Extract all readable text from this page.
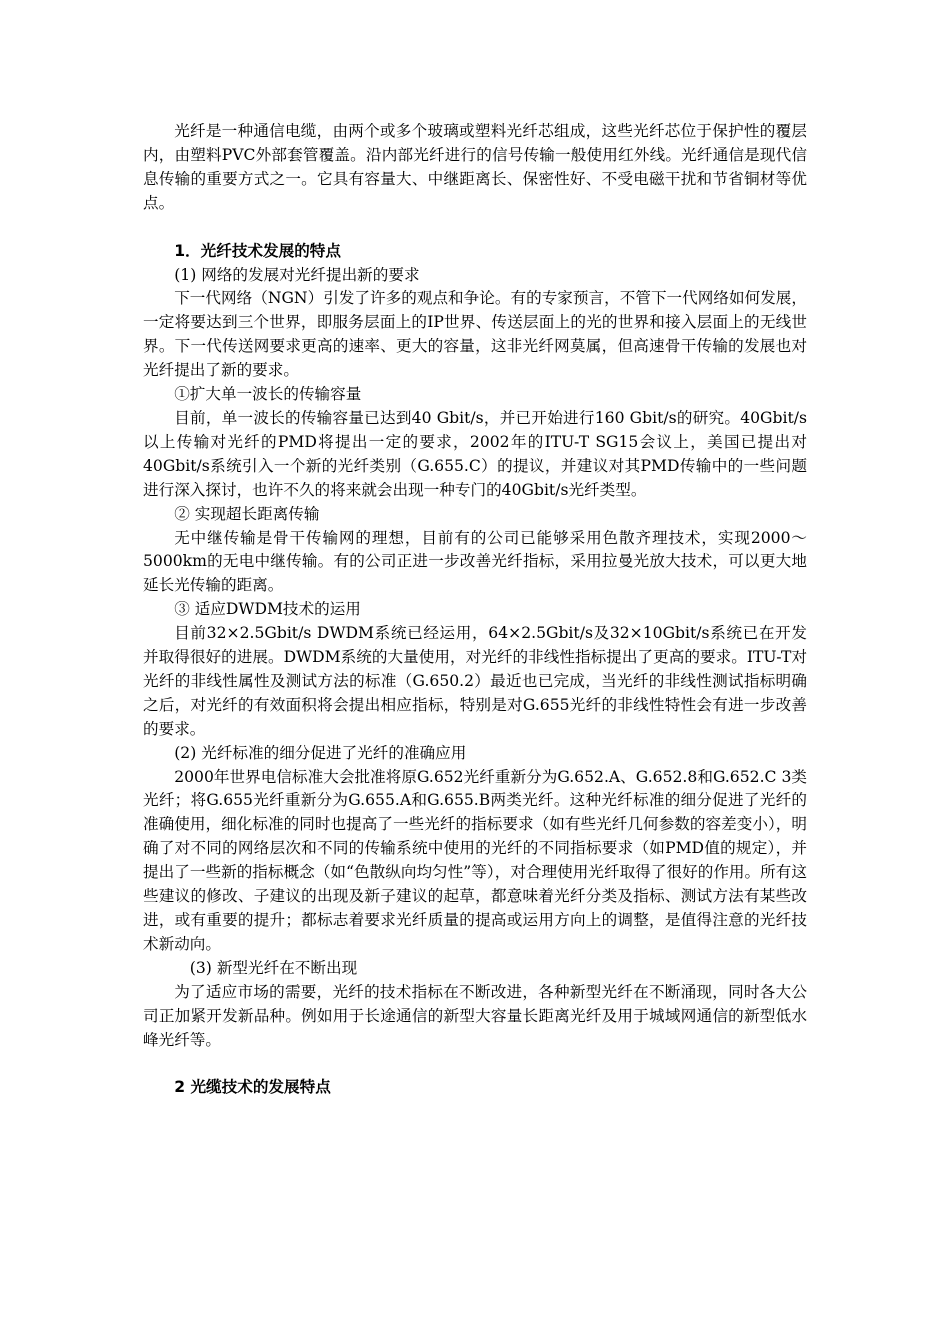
光纤是一种通信电缆，由两个或多个玻璃或塑料光纤芯组成，这些光纤芯位于保护性的覆层内，由塑料PVC外部套管覆盖。沿内部光纤进行的信号传输一般使用红外线。光纤通信是现代信息传输的重要方式之一。它具有容量大、中继距离长、保密性好、不受电磁干扰和节省铜材等优点。

1．光纤技术发展的特点

(1) 网络的发展对光纤提出新的要求

下一代网络（NGN）引发了许多的观点和争论。有的专家预言，不管下一代网络如何发展，一定将要达到三个世界，即服务层面上的IP世界、传送层面上的光的世界和接入层面上的无线世界。下一代传送网要求更高的速率、更大的容量，这非光纤网莫属，但高速骨干传输的发展也对光纤提出了新的要求。

①扩大单一波长的传输容量

目前，单一波长的传输容量已达到40 Gbit/s，并已开始进行160 Gbit/s的研究。40Gbit/s以上传输对光纤的PMD将提出一定的要求，2002年的ITU-T SG15会议上，美国已提出对40Gbit/s系统引入一个新的光纤类别（G.655.C）的提议，并建议对其PMD传输中的一些问题进行深入探讨，也许不久的将来就会出现一种专门的40Gbit/s光纤类型。

② 实现超长距离传输

无中继传输是骨干传输网的理想，目前有的公司已能够采用色散齐理技术，实现2000～5000km的无电中继传输。有的公司正进一步改善光纤指标，采用拉曼光放大技术，可以更大地延长光传输的距离。

③ 适应DWDM技术的运用

目前32×2.5Gbit/s DWDM系统已经运用，64×2.5Gbit/s及32×10Gbit/s系统已在开发并取得很好的进展。DWDM系统的大量使用，对光纤的非线性指标提出了更高的要求。ITU-T对光纤的非线性属性及测试方法的标准（G.650.2）最近也已完成，当光纤的非线性测试指标明确之后，对光纤的有效面积将会提出相应指标，特别是对G.655光纤的非线性特性会有进一步改善的要求。

(2) 光纤标准的细分促进了光纤的准确应用

2000年世界电信标准大会批准将原G.652光纤重新分为G.652.A、G.652.8和G.652.C 3类光纤；将G.655光纤重新分为G.655.A和G.655.B两类光纤。这种光纤标准的细分促进了光纤的准确使用，细化标准的同时也提高了一些光纤的指标要求（如有些光纤几何参数的容差变小），明确了对不同的网络层次和不同的传输系统中使用的光纤的不同指标要求（如PMD值的规定），并提出了一些新的指标概念（如“色散纵向均匀性”等），对合理使用光纤取得了很好的作用。所有这些建议的修改、子建议的出现及新子建议的起草，都意味着光纤分类及指标、测试方法有某些改进，或有重要的提升；都标志着要求光纤质量的提高或运用方向上的调整，是值得注意的光纤技术新动向。

(3) 新型光纤在不断出现

为了适应市场的需要，光纤的技术指标在不断改进，各种新型光纤在不断涌现，同时各大公司正加紧开发新品种。例如用于长途通信的新型大容量长距离光纤及用于城域网通信的新型低水峰光纤等。

2 光缆技术的发展特点
